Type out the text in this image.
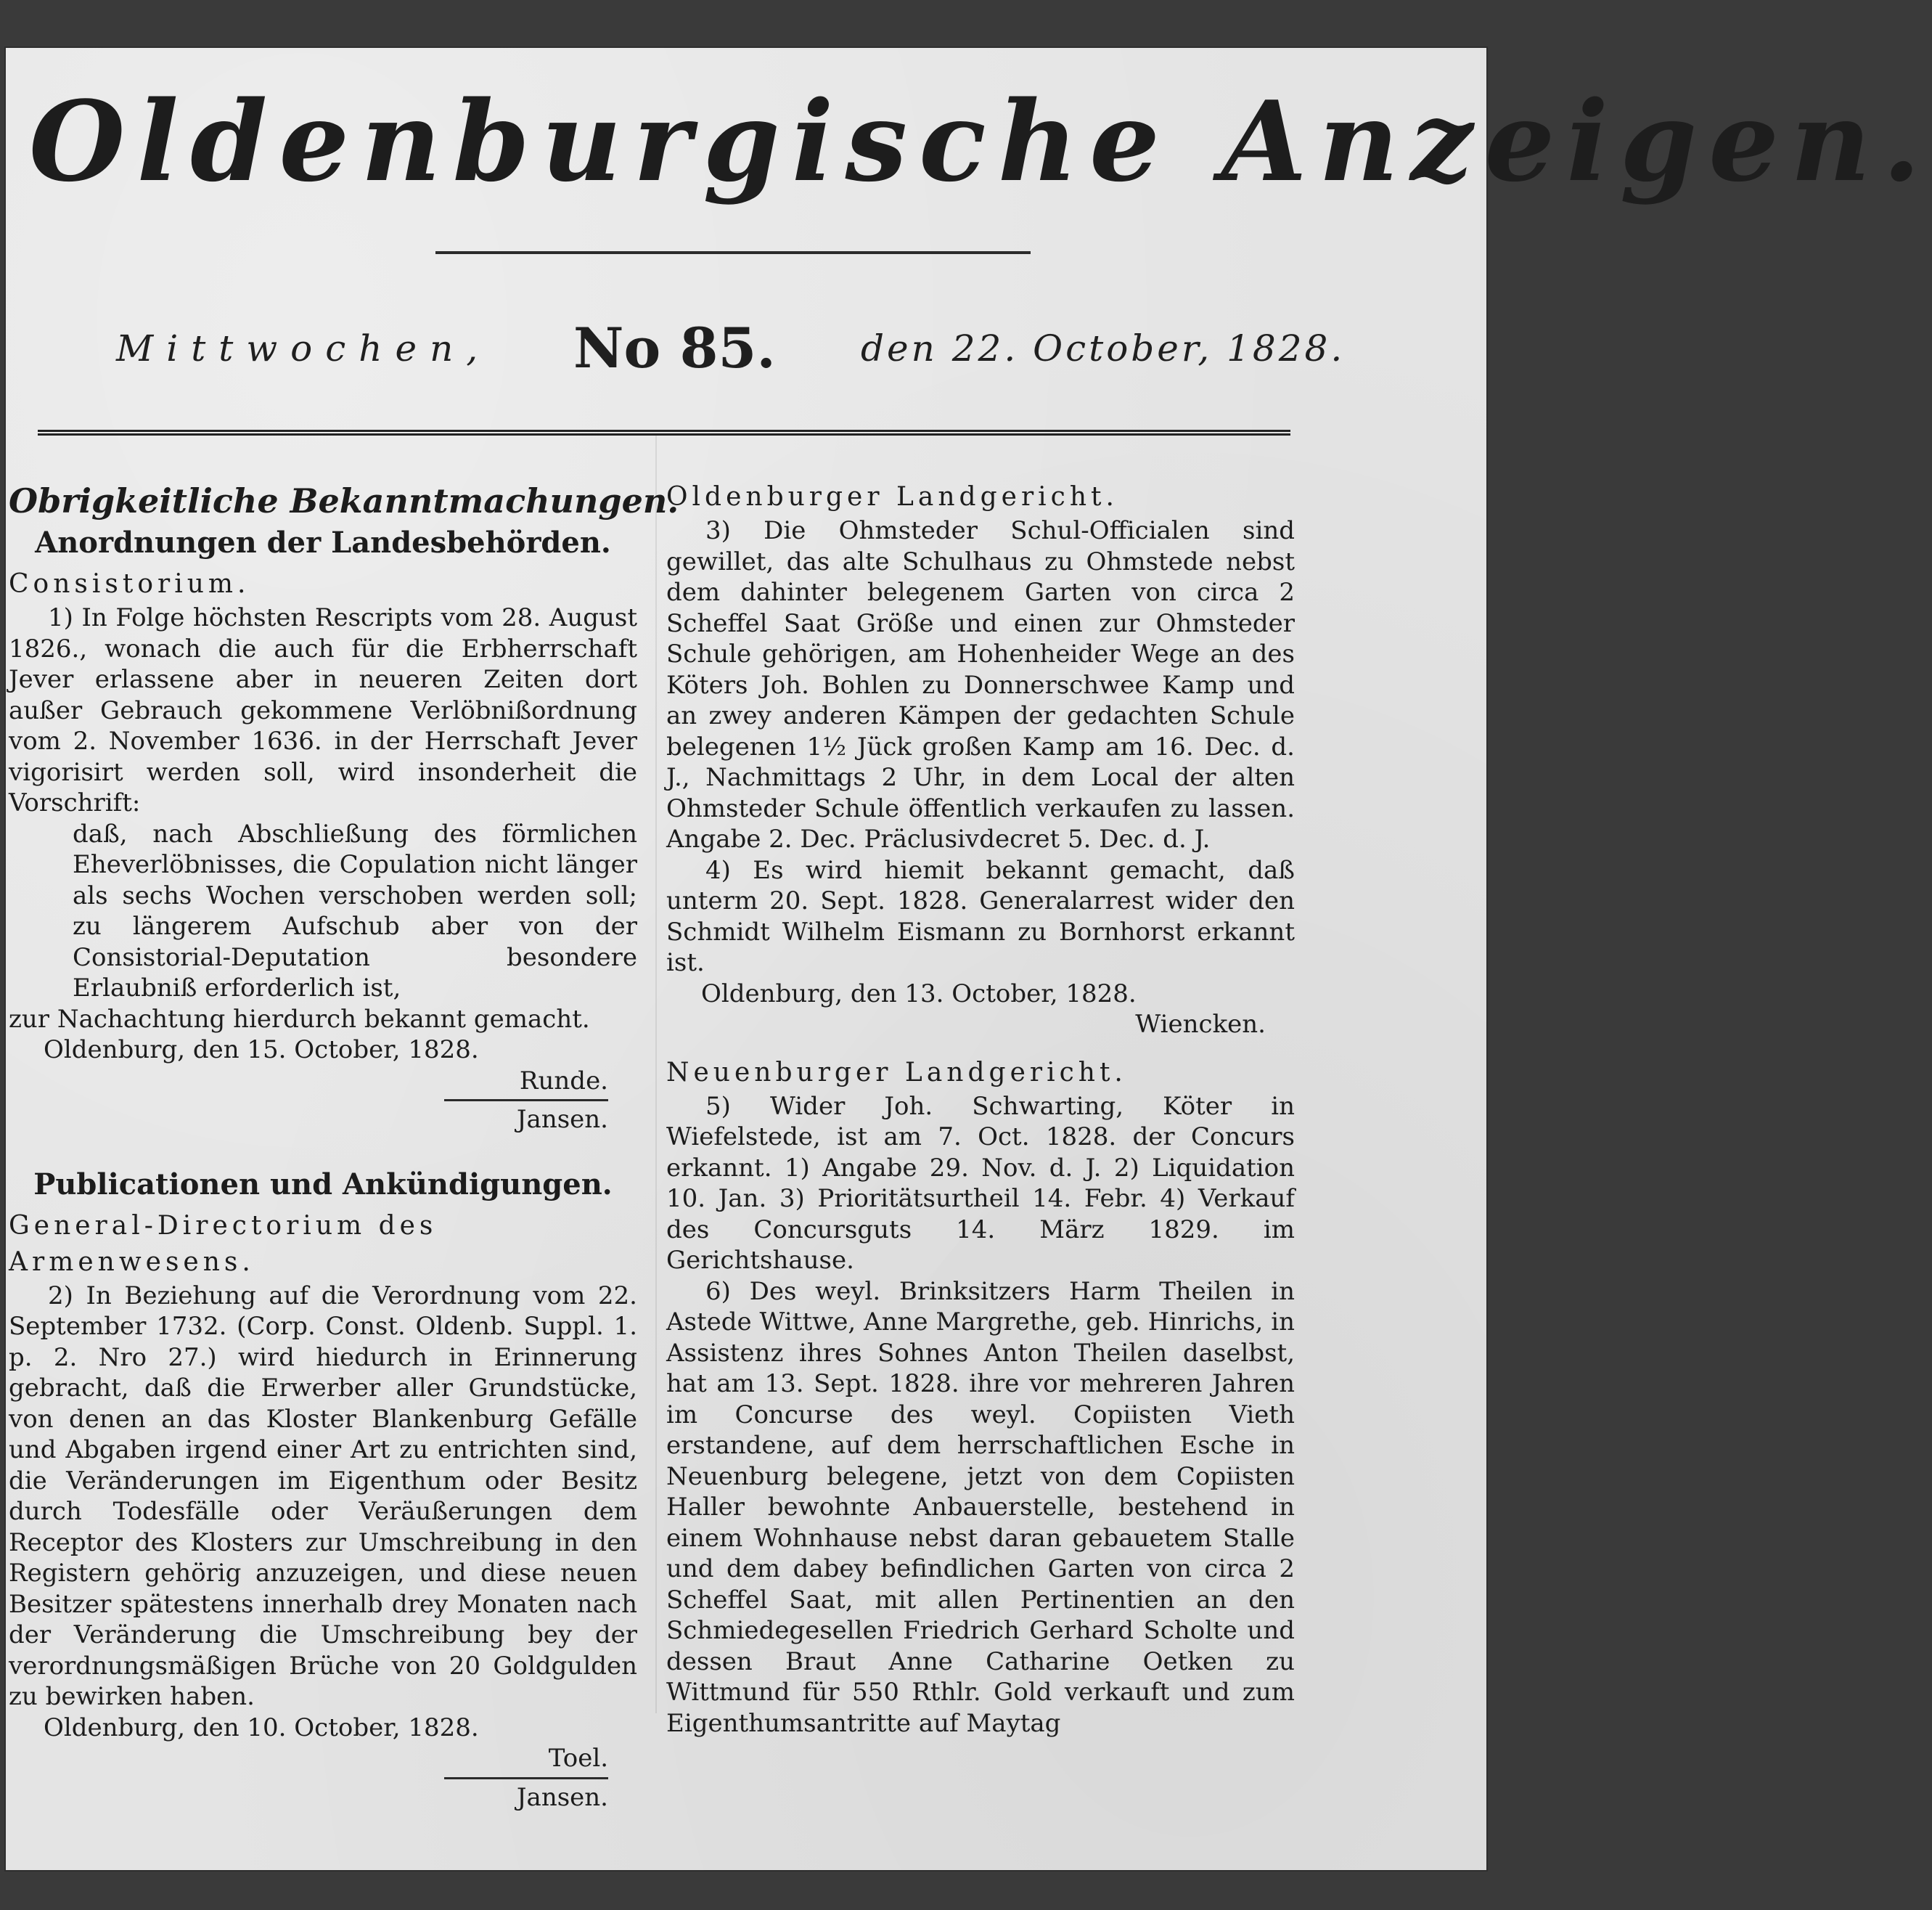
Oldenburgische Anzeigen.
Mittwochen, No 85. den 22. October, 1828.

Obrigkeitliche Bekanntmachungen.

Anordnungen der Landesbehörden.

Consistorium.

1) In Folge höchsten Rescripts vom 28. August 1826., wonach die auch für die Erbherrschaft Jever erlassene aber in neueren Zeiten dort außer Gebrauch gekommene Verlöbnißordnung vom 2. November 1636. in der Herrschaft Jever vigorisirt werden soll, wird insonderheit die Vorschrift:

daß, nach Abschließung des förmlichen Eheverlöbnisses, die Copulation nicht länger als sechs Wochen verschoben werden soll; zu längerem Aufschub aber von der Consistorial-Deputation besondere Erlaubniß erforderlich ist,

zur Nachachtung hierdurch bekannt gemacht.

Oldenburg, den 15. October, 1828.

Runde.

Jansen.

Publicationen und Ankündigungen.

General-Directorium des Armenwesens.

2) In Beziehung auf die Verordnung vom 22. September 1732. (Corp. Const. Oldenb. Suppl. 1. p. 2. Nro 27.) wird hiedurch in Erinnerung gebracht, daß die Erwerber aller Grundstücke, von denen an das Kloster Blankenburg Gefälle und Abgaben irgend einer Art zu entrichten sind, die Veränderungen im Eigenthum oder Besitz durch Todesfälle oder Veräußerungen dem Receptor des Klosters zur Umschreibung in den Registern gehörig anzuzeigen, und diese neuen Besitzer spätestens innerhalb drey Monaten nach der Veränderung die Umschreibung bey der verordnungsmäßigen Brüche von 20 Goldgulden zu bewirken haben.

Oldenburg, den 10. October, 1828.

Toel.

Jansen.

Oldenburger Landgericht.

3) Die Ohmsteder Schul-Officialen sind gewillet, das alte Schulhaus zu Ohmstede nebst dem dahinter belegenem Garten von circa 2 Scheffel Saat Größe und einen zur Ohmsteder Schule gehörigen, am Hohenheider Wege an des Köters Joh. Bohlen zu Donnerschwee Kamp und an zwey anderen Kämpen der gedachten Schule belegenen 1½ Jück großen Kamp am 16. Dec. d. J., Nachmittags 2 Uhr, in dem Local der alten Ohmsteder Schule öffentlich verkaufen zu lassen. Angabe 2. Dec. Präclusivdecret 5. Dec. d. J.

4) Es wird hiemit bekannt gemacht, daß unterm 20. Sept. 1828. Generalarrest wider den Schmidt Wilhelm Eismann zu Bornhorst erkannt ist.

Oldenburg, den 13. October, 1828.

Wiencken.

Neuenburger Landgericht.

5) Wider Joh. Schwarting, Köter in Wiefelstede, ist am 7. Oct. 1828. der Concurs erkannt. 1) Angabe 29. Nov. d. J. 2) Liquidation 10. Jan. 3) Prioritätsurtheil 14. Febr. 4) Verkauf des Concursguts 14. März 1829. im Gerichtshause.

6) Des weyl. Brinksitzers Harm Theilen in Astede Wittwe, Anne Margrethe, geb. Hinrichs, in Assistenz ihres Sohnes Anton Theilen daselbst, hat am 13. Sept. 1828. ihre vor mehreren Jahren im Concurse des weyl. Copiisten Vieth erstandene, auf dem herrschaftlichen Esche in Neuenburg belegene, jetzt von dem Copiisten Haller bewohnte Anbauerstelle, bestehend in einem Wohnhause nebst daran gebauetem Stalle und dem dabey befindlichen Garten von circa 2 Scheffel Saat, mit allen Pertinentien an den Schmiedegesellen Friedrich Gerhard Scholte und dessen Braut Anne Catharine Oetken zu Wittmund für 550 Rthlr. Gold verkauft und zum Eigenthumsantritte auf Maytag
